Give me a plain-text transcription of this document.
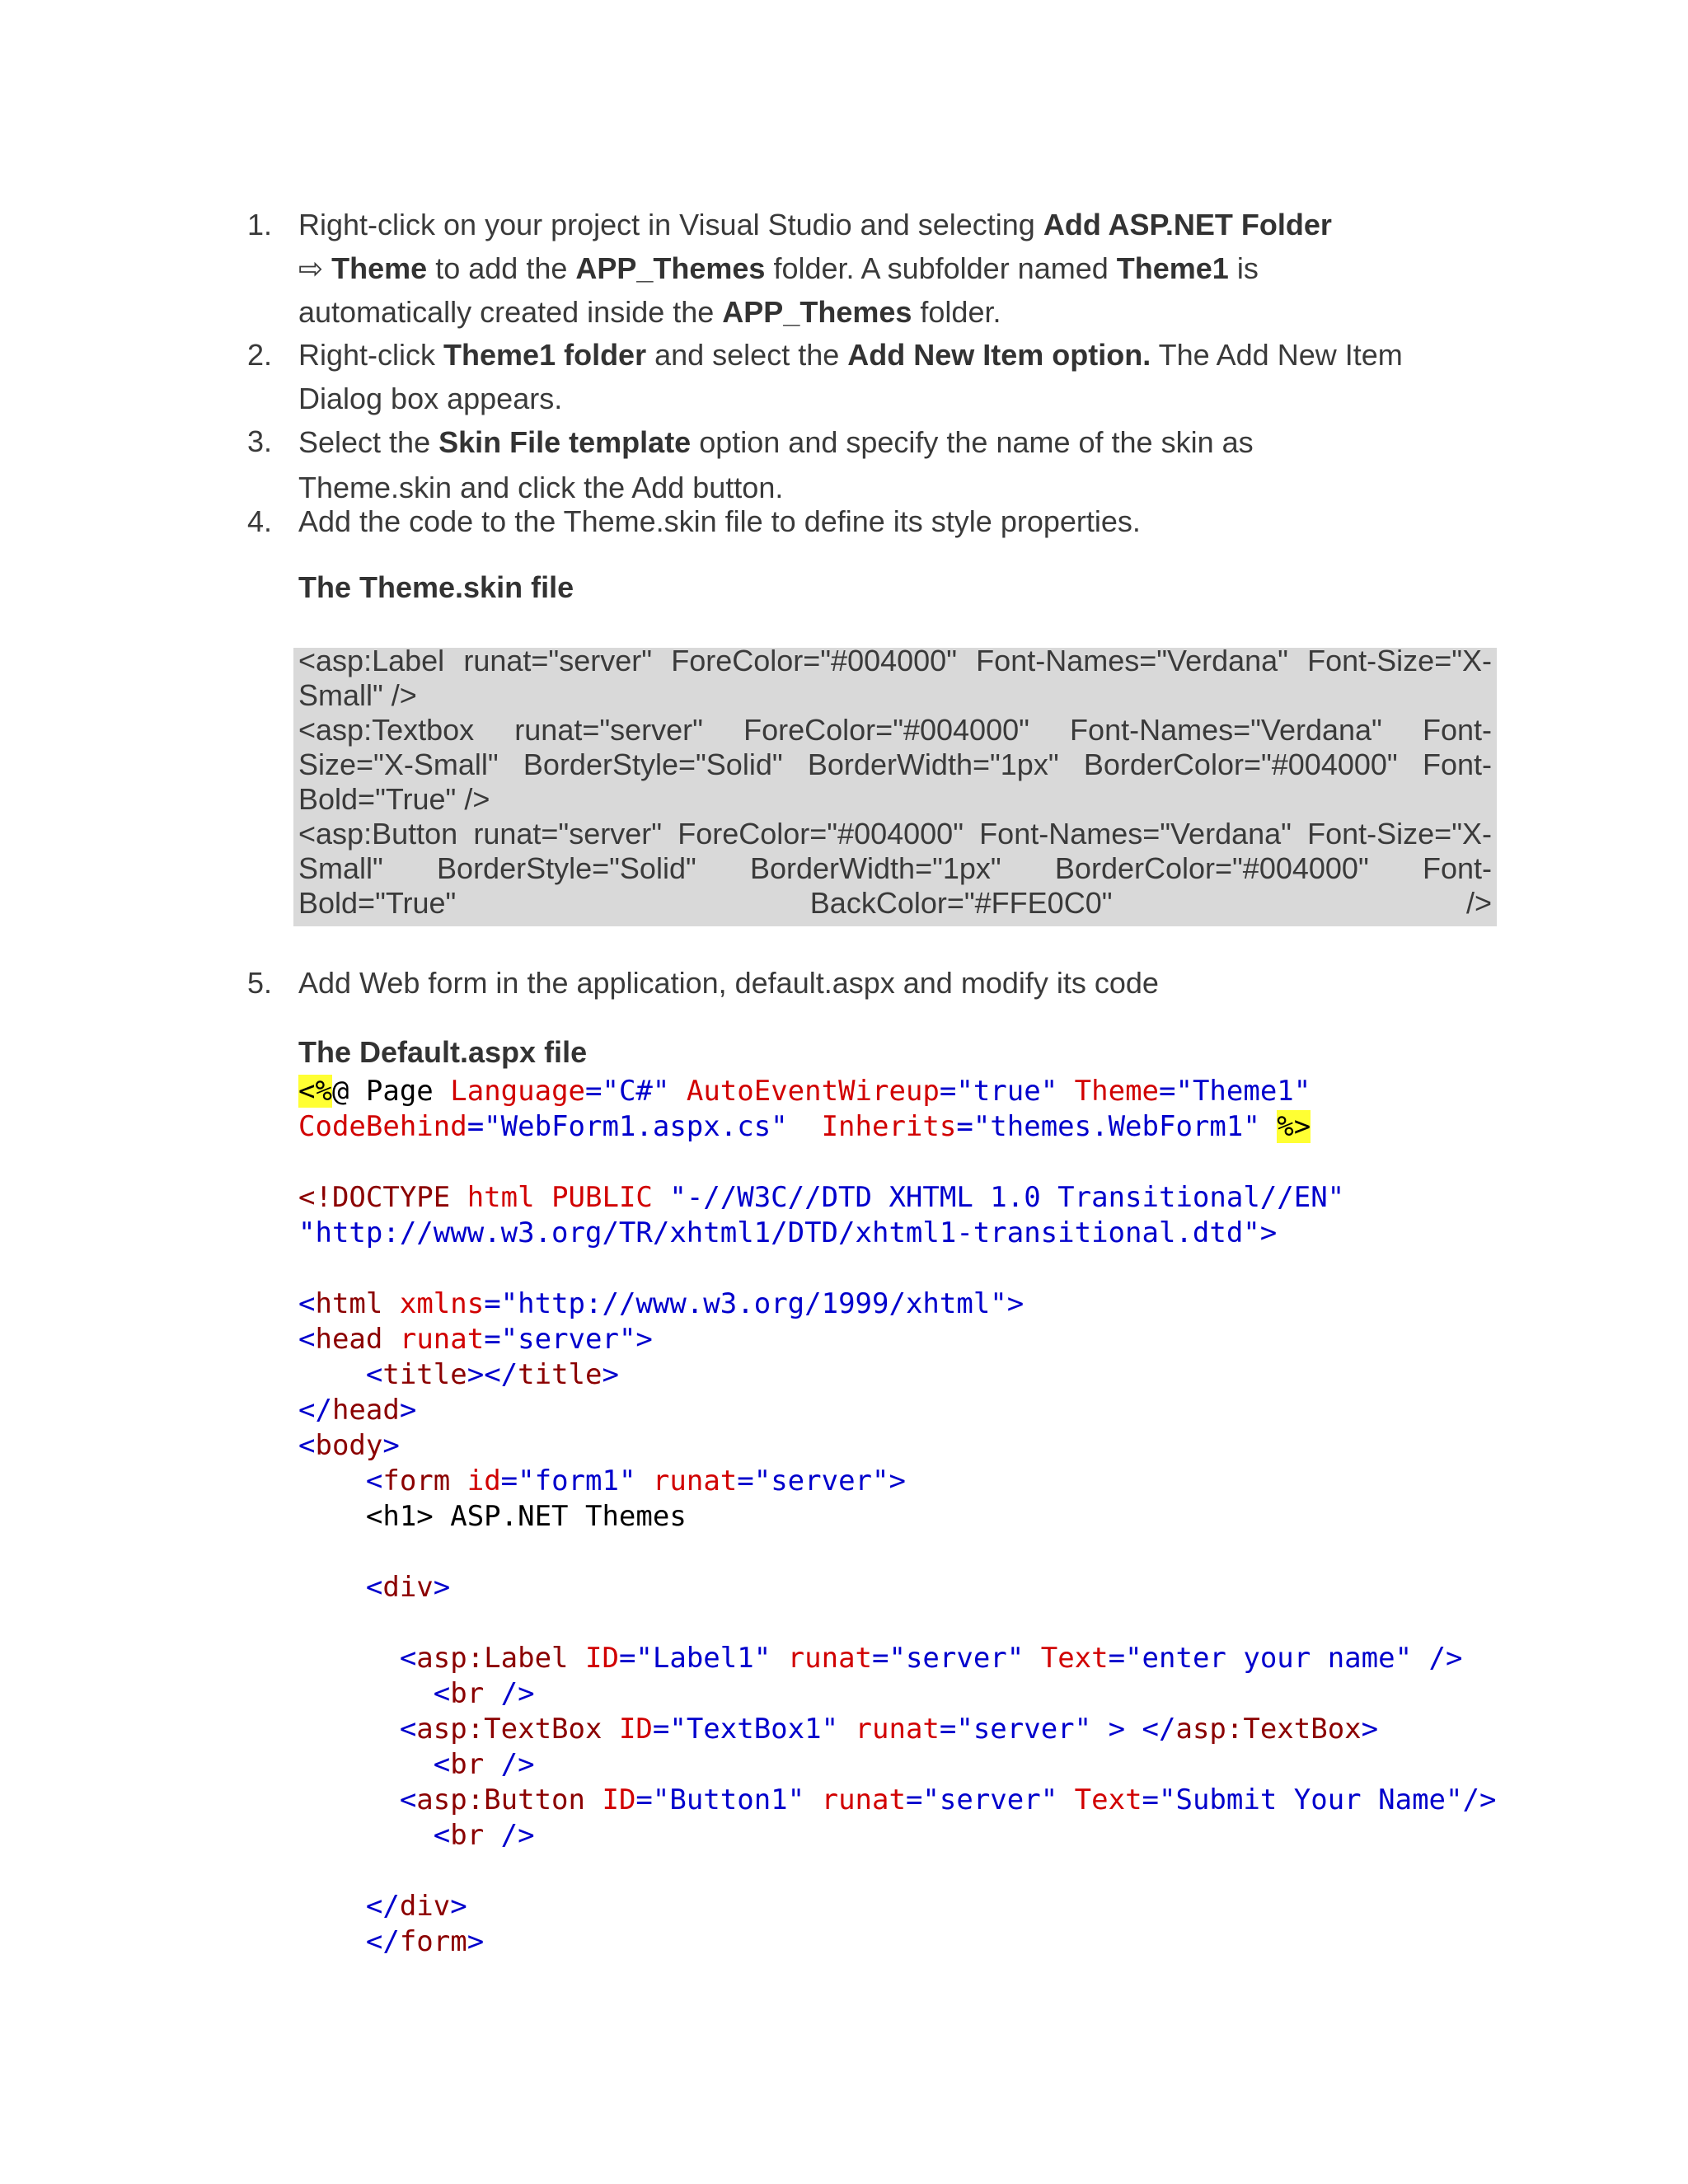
1. Right-click on your project in Visual Studio and selecting Add ASP.NET Folder
⇨ Theme to add the APP_Themes folder. A subfolder named Theme1 is
automatically created inside the APP_Themes folder.
2. Right-click Theme1 folder and select the Add New Item option. The Add New Item
Dialog box appears.
3. Select the Skin File template option and specify the name of the skin as
Theme.skin and click the Add button.
4. Add the code to the Theme.skin file to define its style properties.
The Theme.skin file
<asp:Label runat="server" ForeColor="#004000" Font-Names="Verdana" Font-Size="X-
Small" />
<asp:Textbox runat="server" ForeColor="#004000" Font-Names="Verdana" Font-
Size="X-Small" BorderStyle="Solid" BorderWidth="1px" BorderColor="#004000" Font-
Bold="True" />
<asp:Button runat="server" ForeColor="#004000" Font-Names="Verdana" Font-Size="X-
Small" BorderStyle="Solid" BorderWidth="1px" BorderColor="#004000" Font-
Bold="True" BackColor="#FFE0C0" />
5. Add Web form in the application, default.aspx and modify its code
The Default.aspx file
<%@ Page Language="C#" AutoEventWireup="true" Theme="Theme1"
CodeBehind="WebForm1.aspx.cs"  Inherits="themes.WebForm1" %>

<!DOCTYPE html PUBLIC "-//W3C//DTD XHTML 1.0 Transitional//EN"
"http://www.w3.org/TR/xhtml1/DTD/xhtml1-transitional.dtd">

<html xmlns="http://www.w3.org/1999/xhtml">
<head runat="server">
<title></title>
</head>
<body>
<form id="form1" runat="server">
<h1> ASP.NET Themes

<div>

<asp:Label ID="Label1" runat="server" Text="enter your name" />
<br />
<asp:TextBox ID="TextBox1" runat="server" > </asp:TextBox>
<br />
<asp:Button ID="Button1" runat="server" Text="Submit Your Name"/>
<br />

</div>
</form>
